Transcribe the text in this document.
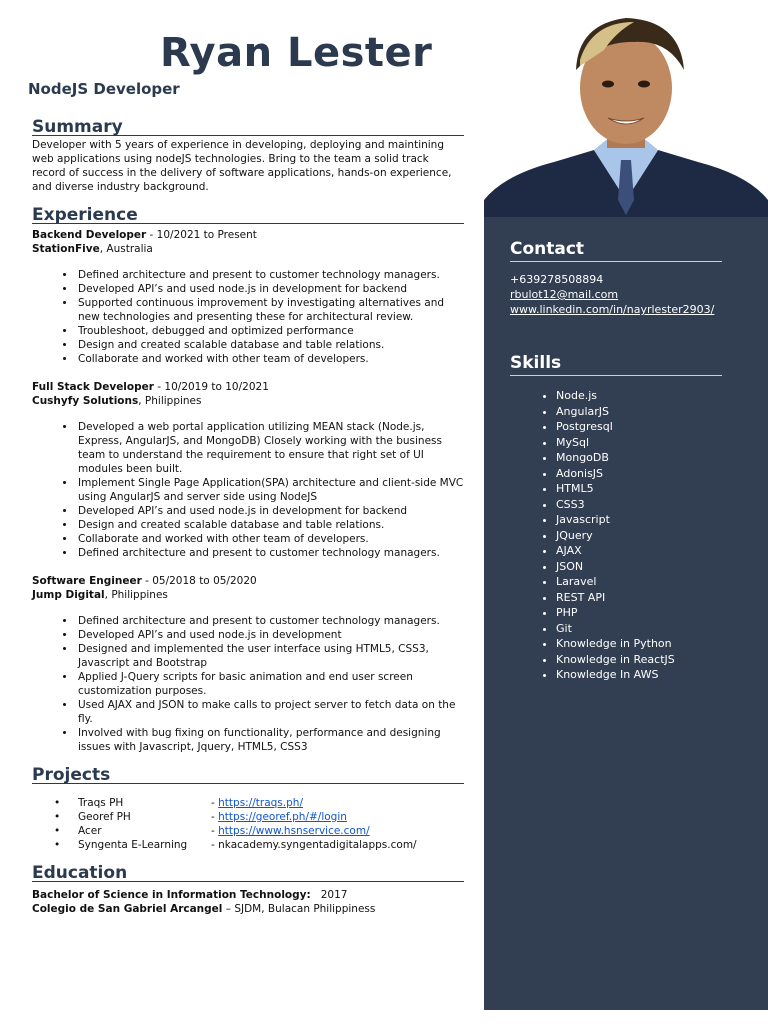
Ryan Lester
NodeJS Developer
Summary

Developer with 5 years of experience in developing, deploying and maintining web applications using nodeJS technologies. Bring to the team a solid track record of success in the delivery of software applications, hands-on experience, and diverse industry background.

Experience

Backend Developer - 10/2021 to Present

StationFive, Australia

• Defined architecture and present to customer technology managers.
• Developed API’s and used node.js in development for backend
• Supported continuous improvement by investigating alternatives and new technologies and presenting these for architectural review.
• Troubleshoot, debugged and optimized performance
• Design and created scalable database and table relations.
• Collaborate and worked with other team of developers.

Full Stack Developer - 10/2019 to 10/2021

Cushyfy Solutions, Philippines

• Developed a web portal application utilizing MEAN stack (Node.js, Express, AngularJS, and MongoDB) Closely working with the business team to understand the requirement to ensure that right set of UI modules been built.
• Implement Single Page Application(SPA) architecture and client-side MVC using AngularJS and server side using NodeJS
• Developed API’s and used node.js in development for backend
• Design and created scalable database and table relations.
• Collaborate and worked with other team of developers.
• Defined architecture and present to customer technology managers.

Software Engineer - 05/2018 to 05/2020

Jump Digital, Philippines

• Defined architecture and present to customer technology managers.
• Developed API’s and used node.js in development
• Designed and implemented the user interface using HTML5, CSS3, Javascript and Bootstrap
• Applied J-Query scripts for basic animation and end user screen customization purposes.
• Used AJAX and JSON to make calls to project server to fetch data on the fly.
• Involved with bug fixing on functionality, performance and designing issues with Javascript, Jquery, HTML5, CSS3
Projects
•	Traqs PH	- https://traqs.ph/
•	Georef PH	- https://georef.ph/#/login
•	Acer	- https://www.hsnservice.com/
•	Syngenta E-Learning	- nkacademy.syngentadigitalapps.com/
Education
Bachelor of Science in Information Technology: 2017
Colegio de San Gabriel Arcangel – SJDM, Bulacan Philippiness
Contact
+639278508894
rbulot12@mail.com
www.linkedin.com/in/nayrlester2903/
Skills
• Node.js
• AngularJS
• Postgresql
• MySql
• MongoDB
• AdonisJS
• HTML5
• CSS3
• Javascript
• JQuery
• AJAX
• JSON
• Laravel
• REST API
• PHP
• Git
• Knowledge in Python
• Knowledge in ReactJS
• Knowledge In AWS
